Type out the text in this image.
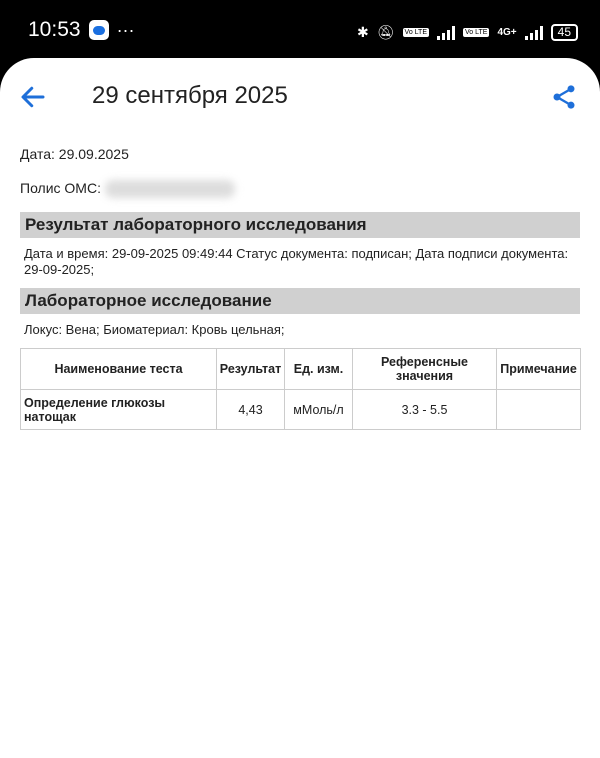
10:53 ···	✱ 🔕︎ Vo LTE	Vo LTE 4G+	45
29 сентября 2025
Дата: 29.09.2025
Полис ОМС:
Результат лабораторного исследования
Дата и время: 29-09-2025 09:49:44 Статус документа: подписан; Дата подписи документа: 29-09-2025;
Лабораторное исследование
Локус: Вена; Биоматериал: Кровь цельная;
Наименование теста	Результат	Ед. изм.	Референсные значения	Примечание
Определение глюкозы натощак	4,43	мМоль/л	3.3 - 5.5	
